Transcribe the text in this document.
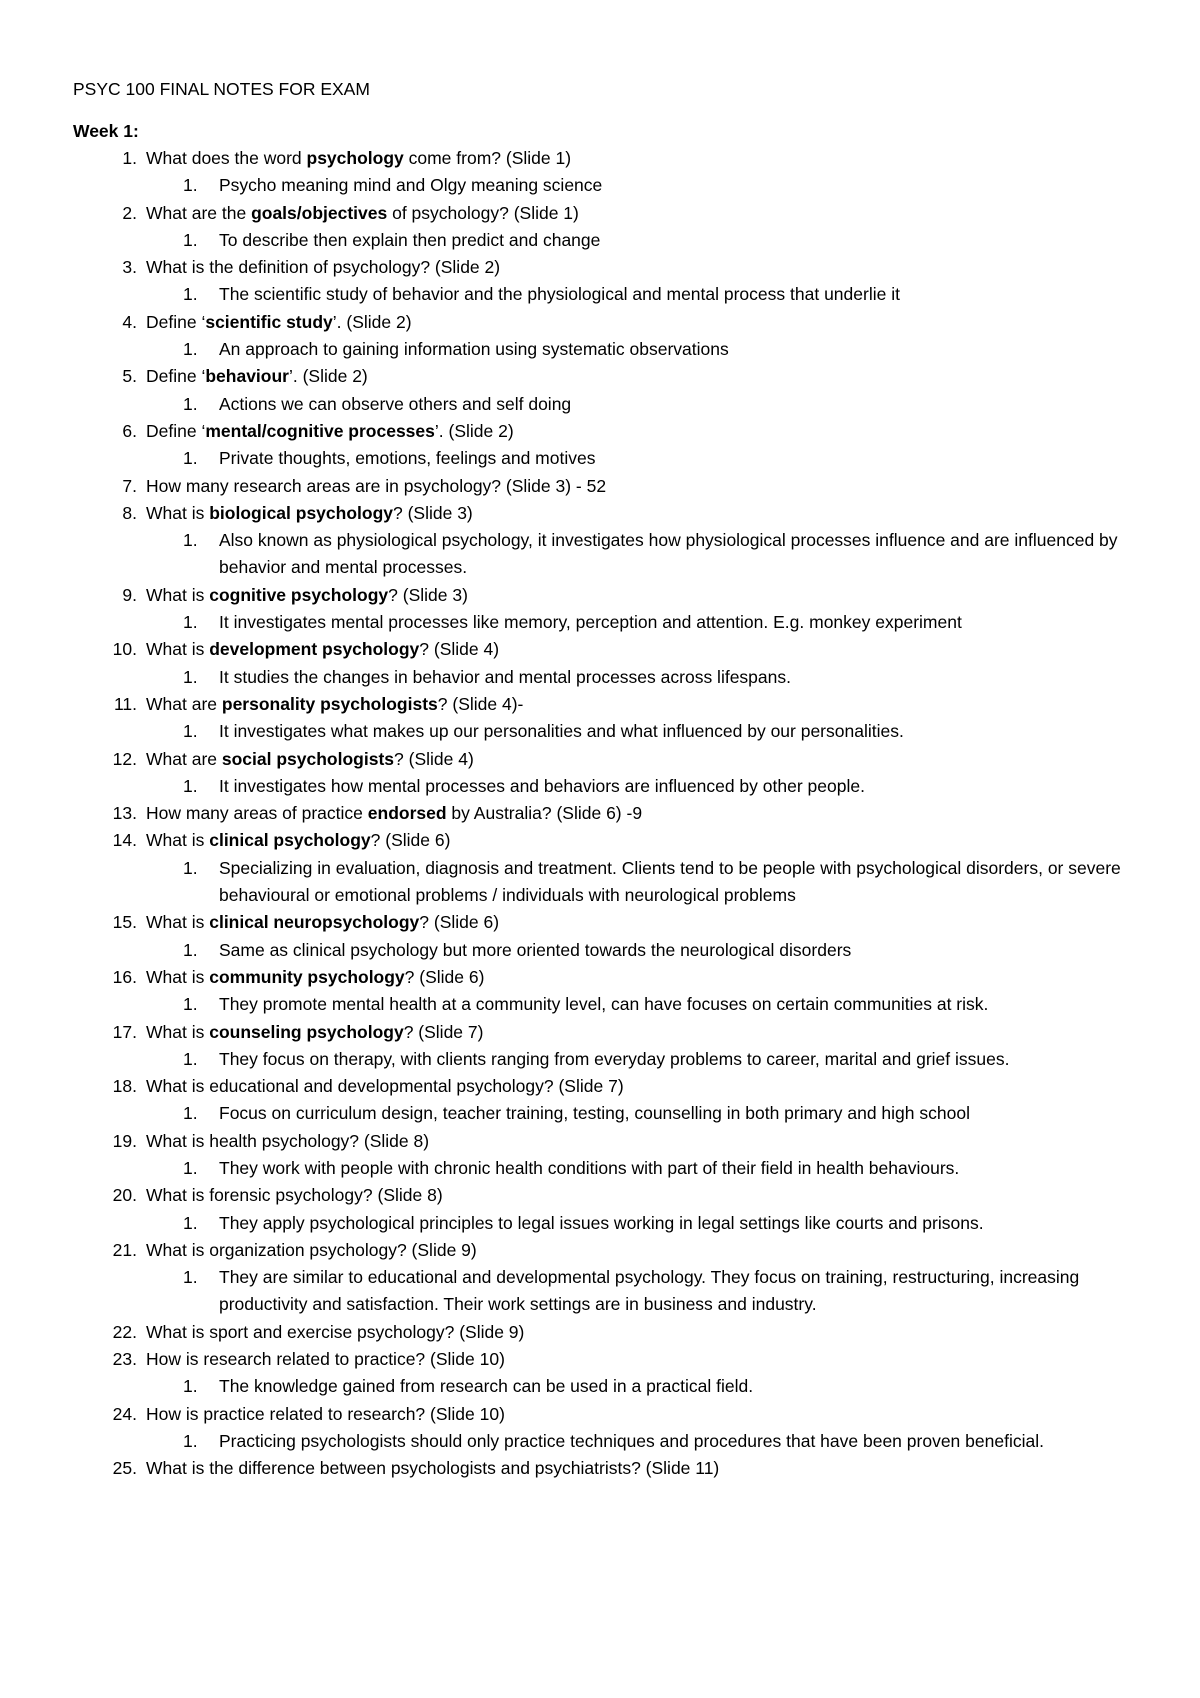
PSYC 100 FINAL NOTES FOR EXAM
Week 1:
1. What does the word psychology come from? (Slide 1)
1. Psycho meaning mind and Olgy meaning science
2. What are the goals/objectives of psychology? (Slide 1)
1. To describe then explain then predict and change
3. What is the definition of psychology? (Slide 2)
1. The scientific study of behavior and the physiological and mental process that underlie it
4. Define ‘scientific study’. (Slide 2)
1. An approach to gaining information using systematic observations
5. Define ‘behaviour’. (Slide 2)
1. Actions we can observe others and self doing
6. Define ‘mental/cognitive processes’. (Slide 2)
1. Private thoughts, emotions, feelings and motives
7. How many research areas are in psychology? (Slide 3) - 52
8. What is biological psychology? (Slide 3)
1. Also known as physiological psychology, it investigates how physiological processes influence and are influenced by behavior and mental processes.
9. What is cognitive psychology? (Slide 3)
1. It investigates mental processes like memory, perception and attention. E.g. monkey experiment
10. What is development psychology? (Slide 4)
1. It studies the changes in behavior and mental processes across lifespans.
11. What are personality psychologists? (Slide 4)-
1. It investigates what makes up our personalities and what influenced by our personalities.
12. What are social psychologists? (Slide 4)
1. It investigates how mental processes and behaviors are influenced by other people.
13. How many areas of practice endorsed by Australia? (Slide 6) -9
14. What is clinical psychology? (Slide 6)
1. Specializing in evaluation, diagnosis and treatment. Clients tend to be people with psychological disorders, or severe behavioural or emotional problems / individuals with neurological problems
15. What is clinical neuropsychology? (Slide 6)
1. Same as clinical psychology but more oriented towards the neurological disorders
16. What is community psychology? (Slide 6)
1. They promote mental health at a community level, can have focuses on certain communities at risk.
17. What is counseling psychology? (Slide 7)
1. They focus on therapy, with clients ranging from everyday problems to career, marital and grief issues.
18. What is educational and developmental psychology? (Slide 7)
1. Focus on curriculum design, teacher training, testing, counselling in both primary and high school
19. What is health psychology? (Slide 8)
1. They work with people with chronic health conditions with part of their field in health behaviours.
20. What is forensic psychology? (Slide 8)
1. They apply psychological principles to legal issues working in legal settings like courts and prisons.
21. What is organization psychology? (Slide 9)
1. They are similar to educational and developmental psychology. They focus on training, restructuring, increasing productivity and satisfaction. Their work settings are in business and industry.
22. What is sport and exercise psychology? (Slide 9)
23. How is research related to practice? (Slide 10)
1. The knowledge gained from research can be used in a practical field.
24. How is practice related to research? (Slide 10)
1. Practicing psychologists should only practice techniques and procedures that have been proven beneficial.
25. What is the difference between psychologists and psychiatrists? (Slide 11)
